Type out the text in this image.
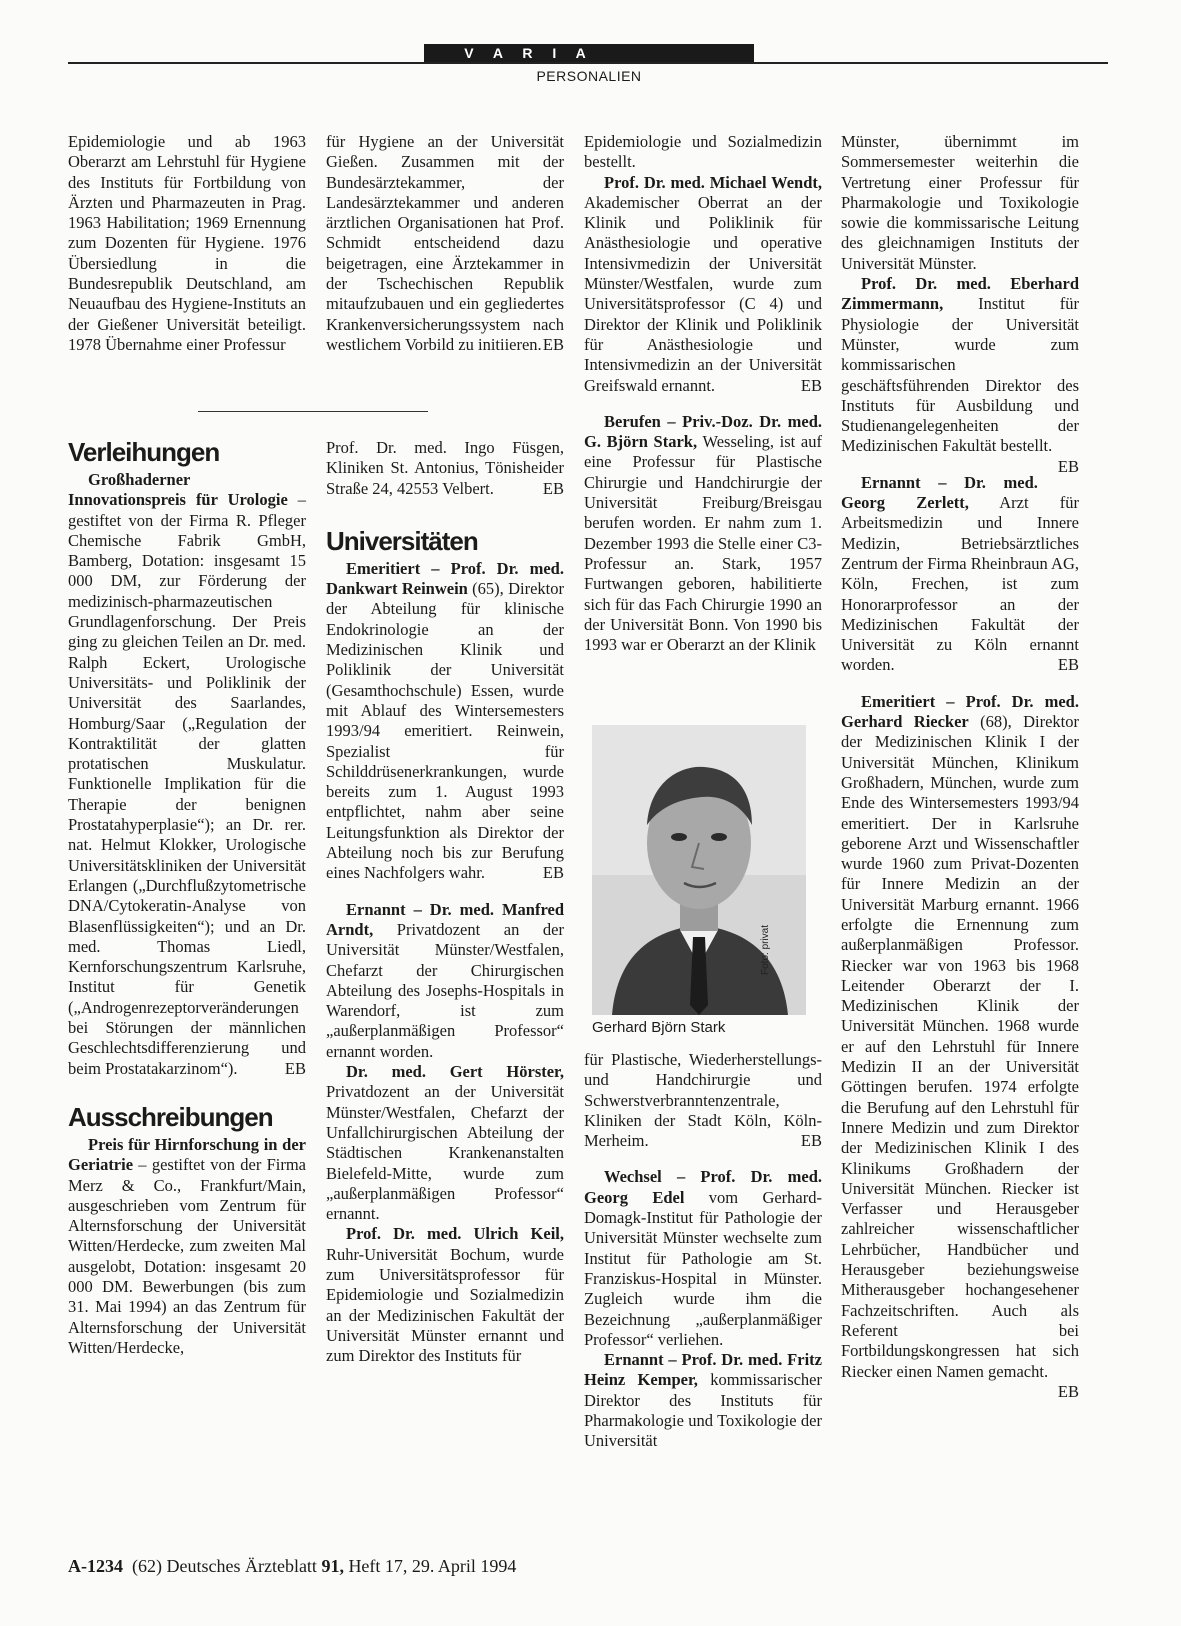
V A R I A
PERSONALIEN

Epidemiologie und ab 1963 Oberarzt am Lehrstuhl für Hygiene des Instituts für Fortbildung von Ärzten und Pharmazeuten in Prag. 1963 Habilitation; 1969 Ernennung zum Dozenten für Hygiene. 1976 Übersiedlung in die Bundesrepublik Deutschland, am Neuaufbau des Hygiene-Instituts an der Gießener Universität beteiligt. 1978 Übernahme einer Professur

für Hygiene an der Universität Gießen. Zusammen mit der Bundesärztekammer, der Landesärztekammer und anderen ärztlichen Organisationen hat Prof. Schmidt entscheidend dazu beigetragen, eine Ärztekammer in der Tschechischen Republik mitaufzubauen und ein gegliedertes Krankenversicherungssystem nach westlichem Vorbild zu initiieren. EB

Verleihungen

Großhaderner Innovationspreis für Urologie – gestiftet von der Firma R. Pfleger Chemische Fabrik GmbH, Bamberg, Dotation: insgesamt 15 000 DM, zur Förderung der medizinisch-pharmazeutischen Grundlagenforschung. Der Preis ging zu gleichen Teilen an Dr. med. Ralph Eckert, Urologische Universitäts- und Poliklinik der Universität des Saarlandes, Homburg/Saar („Regulation der Kontraktilität der glatten protatischen Muskulatur. Funktionelle Implikation für die Therapie der benignen Prostatahyperplasie“); an Dr. rer. nat. Helmut Klokker, Urologische Universitätskliniken der Universität Erlangen („Durchflußzytometrische DNA/Cytokeratin-Analyse von Blasenflüssigkeiten“); und an Dr. med. Thomas Liedl, Kernforschungszentrum Karlsruhe, Institut für Genetik („Androgenrezeptorveränderungen bei Störungen der männlichen Geschlechtsdifferenzierung und beim Prostatakarzinom“).	EB

Ausschreibungen

Preis für Hirnforschung in der Geriatrie – gestiftet von der Firma Merz & Co., Frankfurt/Main, ausgeschrieben vom Zentrum für Alternsforschung der Universität Witten/Herdecke, zum zweiten Mal ausgelobt, Dotation: insgesamt 20 000 DM. Bewerbungen (bis zum 31. Mai 1994) an das Zentrum für Alternsforschung der Universität Witten/Herdecke,

Prof. Dr. med. Ingo Füsgen, Kliniken St. Antonius, Tönisheider Straße 24, 42553 Velbert.	EB

Universitäten

Emeritiert – Prof. Dr. med. Dankwart Reinwein (65), Direktor der Abteilung für klinische Endokrinologie an der Medizinischen Klinik und Poliklinik der Universität (Gesamthochschule) Essen, wurde mit Ablauf des Wintersemesters 1993/94 emeritiert. Reinwein, Spezialist für Schilddrüsenerkrankungen, wurde bereits zum 1. August 1993 entpflichtet, nahm aber seine Leitungsfunktion als Direktor der Abteilung noch bis zur Berufung eines Nachfolgers wahr.	EB

Ernannt – Dr. med. Manfred Arndt, Privatdozent an der Universität Münster/Westfalen, Chefarzt der Chirurgischen Abteilung des Josephs-Hospitals in Warendorf, ist zum „außerplanmäßigen Professor“ ernannt worden.

Dr. med. Gert Hörster, Privatdozent an der Universität Münster/Westfalen, Chefarzt der Unfallchirurgischen Abteilung der Städtischen Krankenanstalten Bielefeld-Mitte, wurde zum „außerplanmäßigen Professor“ ernannt.

Prof. Dr. med. Ulrich Keil, Ruhr-Universität Bochum, wurde zum Universitätsprofessor für Epidemiologie und Sozialmedizin an der Medizinischen Fakultät der Universität Münster ernannt und zum Direktor des Instituts für

Epidemiologie und Sozialmedizin bestellt.

Prof. Dr. med. Michael Wendt, Akademischer Oberrat an der Klinik und Poliklinik für Anästhesiologie und operative Intensivmedizin der Universität Münster/Westfalen, wurde zum Universitätsprofessor (C 4) und Direktor der Klinik und Poliklinik für Anästhesiologie und Intensivmedizin an der Universität Greifswald ernannt.	EB

Berufen – Priv.-Doz. Dr. med. G. Björn Stark, Wesseling, ist auf eine Professur für Plastische Chirurgie und Handchirurgie der Universität Freiburg/Breisgau berufen worden. Er nahm zum 1. Dezember 1993 die Stelle einer C3-Professur an. Stark, 1957 Furtwangen geboren, habilitierte sich für das Fach Chirurgie 1990 an der Universität Bonn. Von 1990 bis 1993 war er Oberarzt an der Klinik

Foto: privat
Gerhard Björn Stark

für Plastische, Wiederherstellungs- und Handchirurgie und Schwerstverbranntenzentrale, Kliniken der Stadt Köln, Köln-Merheim.	EB

Wechsel – Prof. Dr. med. Georg Edel vom Gerhard-Domagk-Institut für Pathologie der Universität Münster wechselte zum Institut für Pathologie am St. Franziskus-Hospital in Münster. Zugleich wurde ihm die Bezeichnung „außerplanmäßiger Professor“ verliehen.

Ernannt – Prof. Dr. med. Fritz Heinz Kemper, kommissarischer Direktor des Instituts für Pharmakologie und Toxikologie der Universität

Münster, übernimmt im Sommersemester weiterhin die Vertretung einer Professur für Pharmakologie und Toxikologie sowie die kommissarische Leitung des gleichnamigen Instituts der Universität Münster.

Prof. Dr. med. Eberhard Zimmermann, Institut für Physiologie der Universität Münster, wurde zum kommissarischen geschäftsführenden Direktor des Instituts für Ausbildung und Studienangelegenheiten der Medizinischen Fakultät bestellt.
EB

Ernannt – Dr. med. Georg Zerlett, Arzt für Arbeitsmedizin und Innere Medizin, Betriebsärztliches Zentrum der Firma Rheinbraun AG, Köln, Frechen, ist zum Honorarprofessor an der Medizinischen Fakultät der Universität zu Köln ernannt worden.	EB

Emeritiert – Prof. Dr. med. Gerhard Riecker (68), Direktor der Medizinischen Klinik I der Universität München, Klinikum Großhadern, München, wurde zum Ende des Wintersemesters 1993/94 emeritiert. Der in Karlsruhe geborene Arzt und Wissenschaftler wurde 1960 zum Privat-Dozenten für Innere Medizin an der Universität Marburg ernannt. 1966 erfolgte die Ernennung zum außerplanmäßigen Professor. Riecker war von 1963 bis 1968 Leitender Oberarzt der I. Medizinischen Klinik der Universität München. 1968 wurde er auf den Lehrstuhl für Innere Medizin II an der Universität Göttingen berufen. 1974 erfolgte die Berufung auf den Lehrstuhl für Innere Medizin und zum Direktor der Medizinischen Klinik I des Klinikums Großhadern der Universität München. Riecker ist Verfasser und Herausgeber zahlreicher wissenschaftlicher Lehrbücher, Handbücher und Herausgeber beziehungsweise Mitherausgeber hochangesehener Fachzeitschriften. Auch als Referent bei Fortbildungskongressen hat sich Riecker einen Namen gemacht.
EB

A-1234 (62) Deutsches Ärzteblatt 91, Heft 17, 29. April 1994
